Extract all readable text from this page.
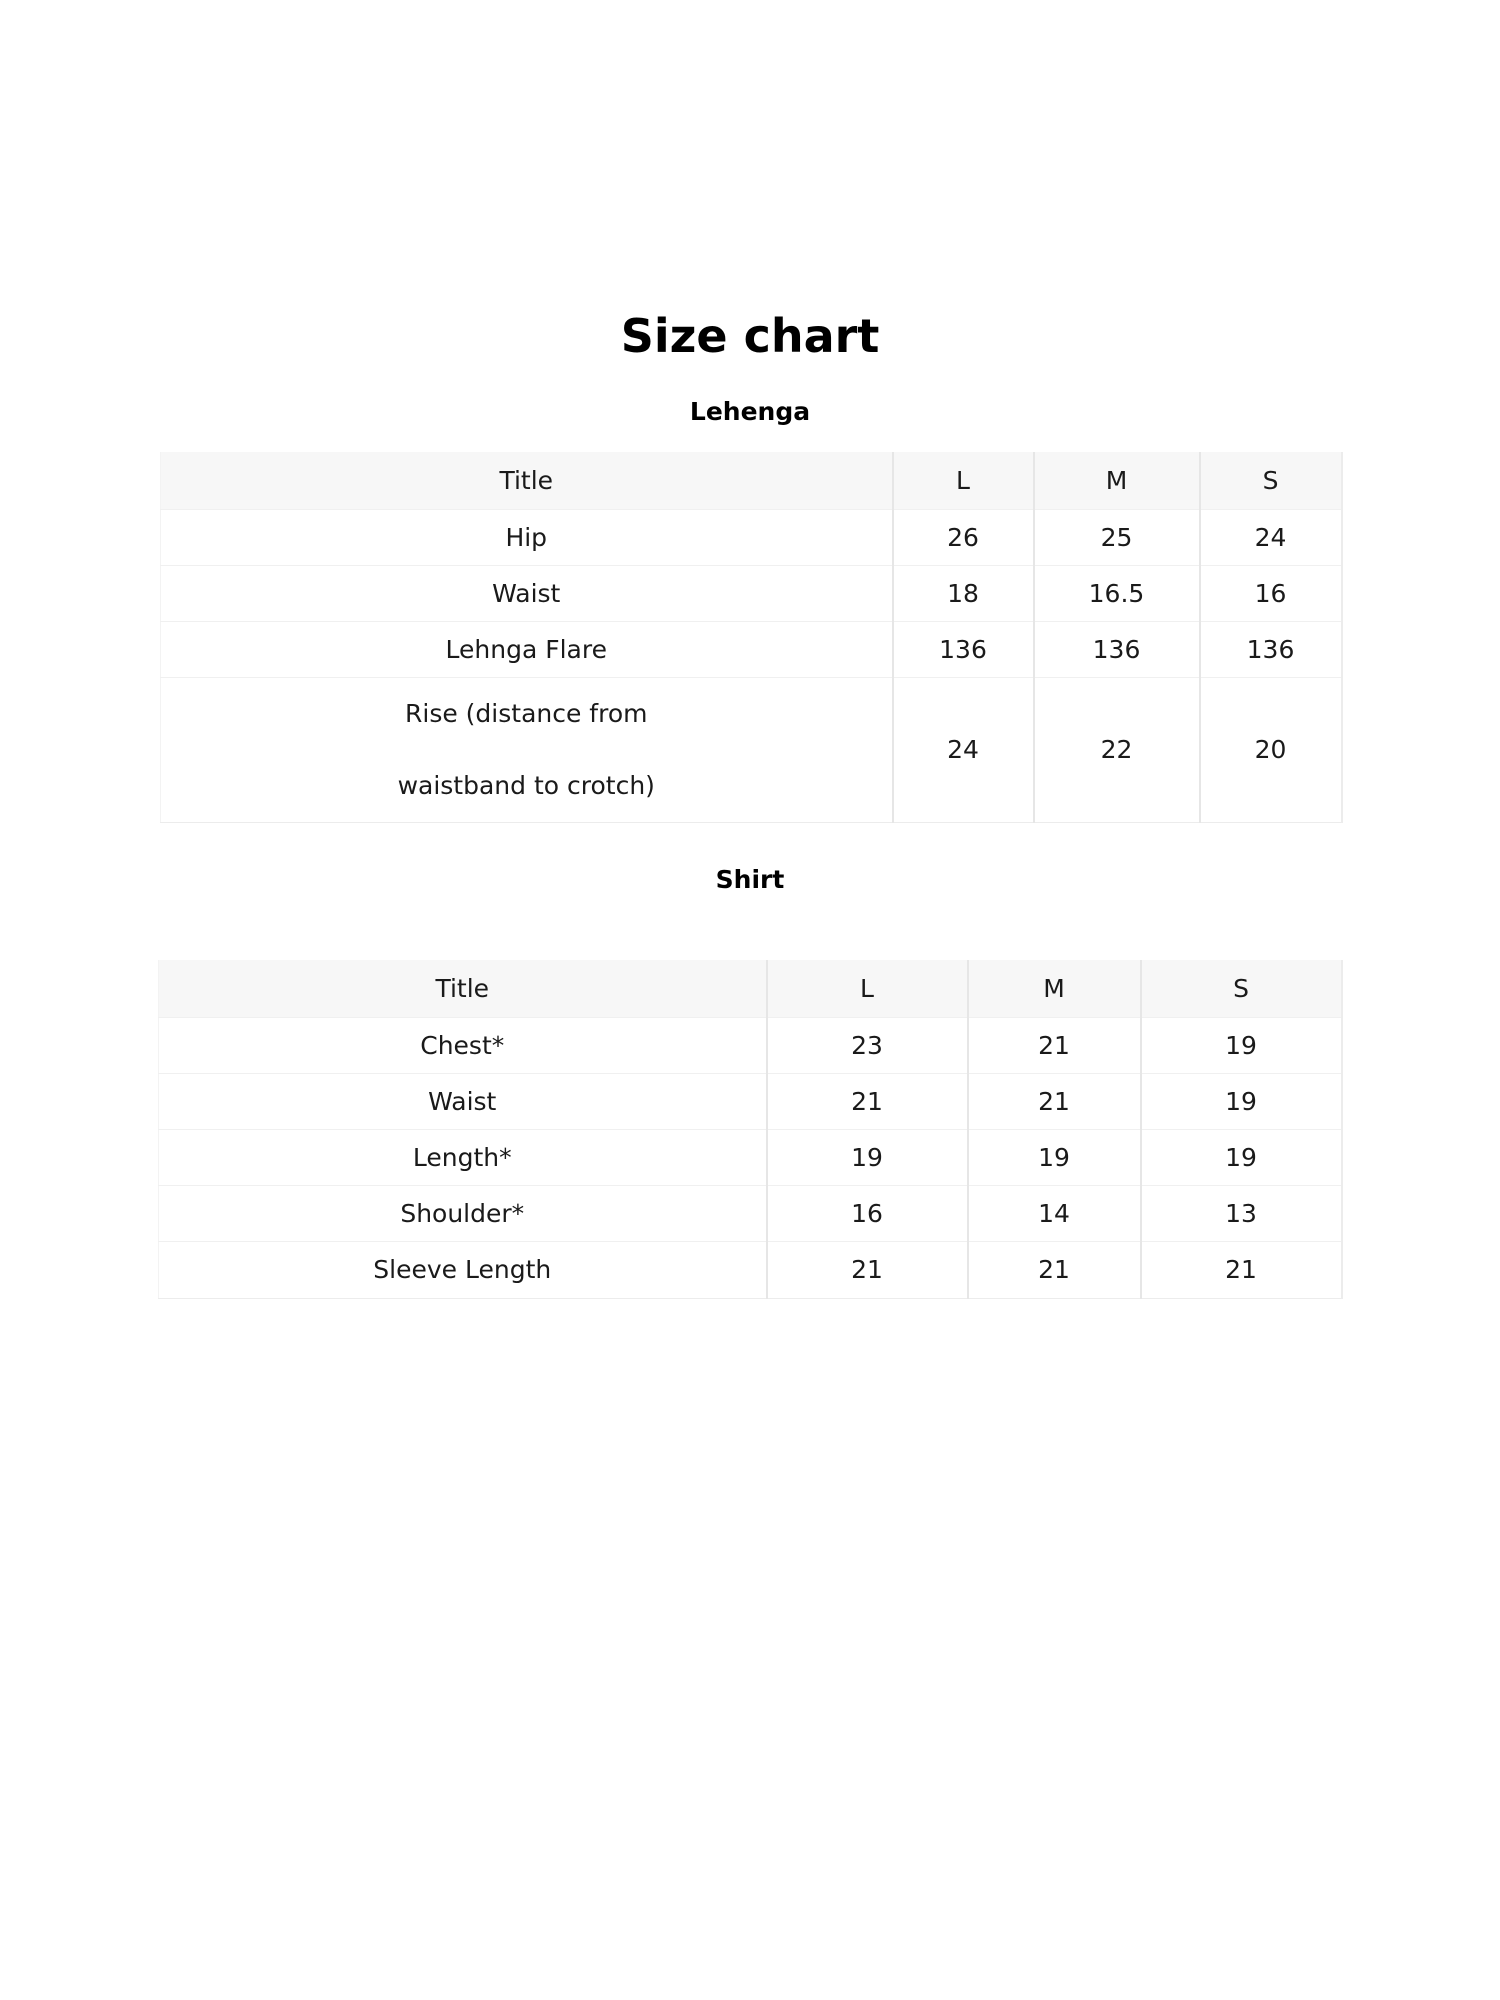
Size chart
Lehenga
Title	L	M	S
Hip	26	25	24
Waist	18	16.5	16
Lehnga Flare	136	136	136

Rise (distance from
waistband to crotch)	24	22	20
Shirt
Title	L	M	S
Chest*	23	21	19
Waist	21	21	19
Length*	19	19	19
Shoulder*	16	14	13
Sleeve Length	21	21	21
